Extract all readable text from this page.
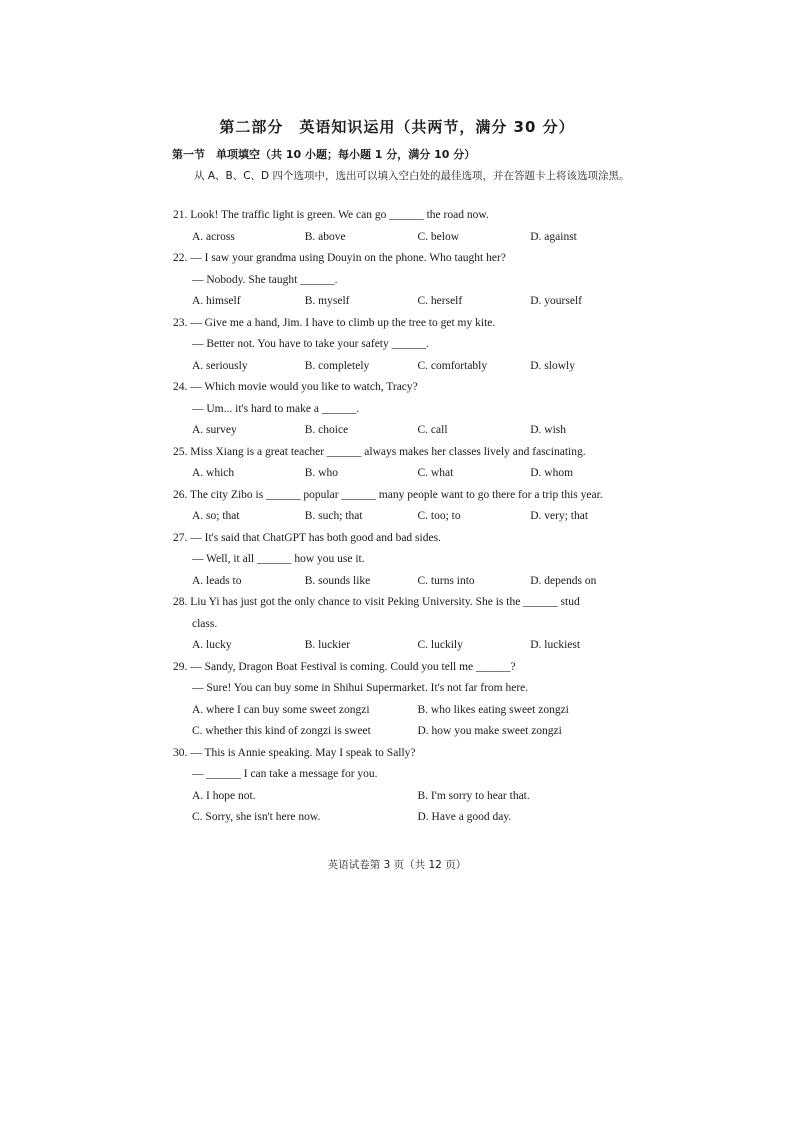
第二部分　英语知识运用（共两节，满分 30 分）
第一节　单项填空（共 10 小题；每小题 1 分，满分 10 分）
从 A、B、C、D 四个选项中，选出可以填入空白处的最佳选项，并在答题卡上将该选项涂黑。
21. Look! The traffic light is green. We can go ______ the road now.
A. across	B. above	C. below	D. against
22. — I saw your grandma using Douyin on the phone. Who taught her?
— Nobody. She taught ______.
A. himself	B. myself	C. herself	D. yourself
23. — Give me a hand, Jim. I have to climb up the tree to get my kite.
— Better not. You have to take your safety ______.
A. seriously	B. completely	C. comfortably	D. slowly
24. — Which movie would you like to watch, Tracy?
— Um... it's hard to make a ______.
A. survey	B. choice	C. call	D. wish
25. Miss Xiang is a great teacher ______ always makes her classes lively and fascinating.
A. which	B. who	C. what	D. whom
26. The city Zibo is ______ popular ______ many people want to go there for a trip this year.
A. so; that	B. such; that	C. too; to	D. very; that
27. — It's said that ChatGPT has both good and bad sides.
— Well, it all ______ how you use it.
A. leads to	B. sounds like	C. turns into	D. depends on
28. Liu Yi has just got the only chance to visit Peking University. She is the ______ stud
class.
A. lucky	B. luckier	C. luckily	D. luckiest
29. — Sandy, Dragon Boat Festival is coming. Could you tell me ______?
— Sure! You can buy some in Shihui Supermarket. It's not far from here.
A. where I can buy some sweet zongzi	B. who likes eating sweet zongzi
C. whether this kind of zongzi is sweet	D. how you make sweet zongzi
30. — This is Annie speaking. May I speak to Sally?
— ______ I can take a message for you.
A. I hope not.	B. I'm sorry to hear that.
C. Sorry, she isn't here now.	D. Have a good day.
英语试卷第 3 页（共 12 页）
